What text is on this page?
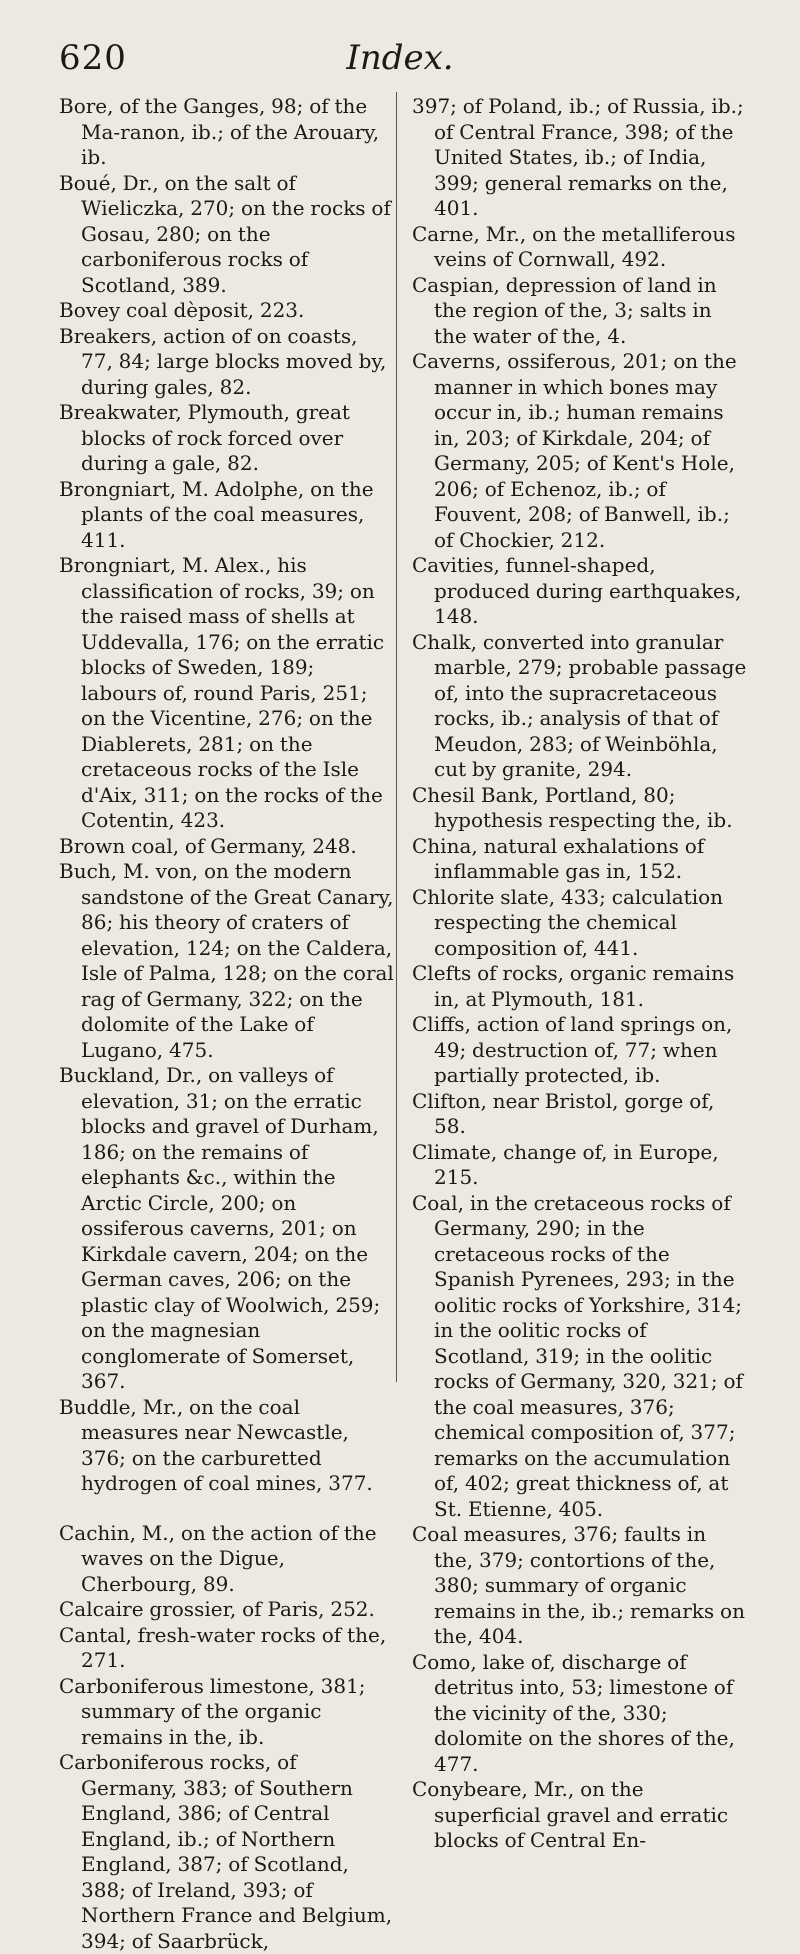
Index.
620

Bore, of the Ganges, 98; of the Ma-ranon, ib.; of the Arouary, ib.

Boué, Dr., on the salt of Wieliczka, 270; on the rocks of Gosau, 280; on the carboniferous rocks of Scotland, 389.

Bovey coal dèposit, 223.

Breakers, action of on coasts, 77, 84; large blocks moved by, during gales, 82.

Breakwater, Plymouth, great blocks of rock forced over during a gale, 82.

Brongniart, M. Adolphe, on the plants of the coal measures, 411.

Brongniart, M. Alex., his classification of rocks, 39; on the raised mass of shells at Uddevalla, 176; on the erratic blocks of Sweden, 189; labours of, round Paris, 251; on the Vicentine, 276; on the Diablerets, 281; on the cretaceous rocks of the Isle d'Aix, 311; on the rocks of the Cotentin, 423.

Brown coal, of Germany, 248.

Buch, M. von, on the modern sandstone of the Great Canary, 86; his theory of craters of elevation, 124; on the Caldera, Isle of Palma, 128; on the coral rag of Germany, 322; on the dolomite of the Lake of Lugano, 475.

Buckland, Dr., on valleys of elevation, 31; on the erratic blocks and gravel of Durham, 186; on the remains of elephants &c., within the Arctic Circle, 200; on ossiferous caverns, 201; on Kirkdale cavern, 204; on the German caves, 206; on the plastic clay of Woolwich, 259; on the magnesian conglomerate of Somerset, 367.

Buddle, Mr., on the coal measures near Newcastle, 376; on the carburetted hydrogen of coal mines, 377.

Cachin, M., on the action of the waves on the Digue, Cherbourg, 89.

Calcaire grossier, of Paris, 252.

Cantal, fresh-water rocks of the, 271.

Carboniferous limestone, 381; summary of the organic remains in the, ib.

Carboniferous rocks, of Germany, 383; of Southern England, 386; of Central England, ib.; of Northern England, 387; of Scotland, 388; of Ireland, 393; of Northern France and Belgium, 394; of Saarbrück,

397; of Poland, ib.; of Russia, ib.; of Central France, 398; of the United States, ib.; of India, 399; general remarks on the, 401.

Carne, Mr., on the metalliferous veins of Cornwall, 492.

Caspian, depression of land in the region of the, 3; salts in the water of the, 4.

Caverns, ossiferous, 201; on the manner in which bones may occur in, ib.; human remains in, 203; of Kirkdale, 204; of Germany, 205; of Kent's Hole, 206; of Echenoz, ib.; of Fouvent, 208; of Banwell, ib.; of Chockier, 212.

Cavities, funnel-shaped, produced during earthquakes, 148.

Chalk, converted into granular marble, 279; probable passage of, into the supracretaceous rocks, ib.; analysis of that of Meudon, 283; of Weinböhla, cut by granite, 294.

Chesil Bank, Portland, 80; hypothesis respecting the, ib.

China, natural exhalations of inflammable gas in, 152.

Chlorite slate, 433; calculation respecting the chemical composition of, 441.

Clefts of rocks, organic remains in, at Plymouth, 181.

Cliffs, action of land springs on, 49; destruction of, 77; when partially protected, ib.

Clifton, near Bristol, gorge of, 58.

Climate, change of, in Europe, 215.

Coal, in the cretaceous rocks of Germany, 290; in the cretaceous rocks of the Spanish Pyrenees, 293; in the oolitic rocks of Yorkshire, 314; in the oolitic rocks of Scotland, 319; in the oolitic rocks of Germany, 320, 321; of the coal measures, 376; chemical composition of, 377; remarks on the accumulation of, 402; great thickness of, at St. Etienne, 405.

Coal measures, 376; faults in the, 379; contortions of the, 380; summary of organic remains in the, ib.; remarks on the, 404.

Como, lake of, discharge of detritus into, 53; limestone of the vicinity of the, 330; dolomite on the shores of the, 477.

Conybeare, Mr., on the superficial gravel and erratic blocks of Central En-
